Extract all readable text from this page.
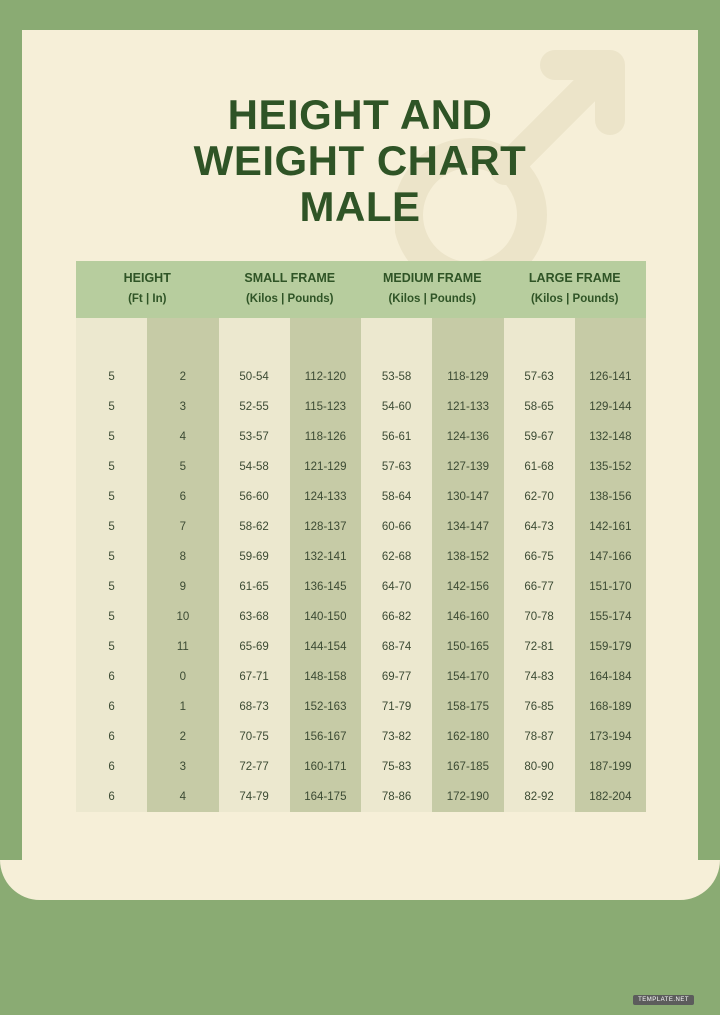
HEIGHT AND
WEIGHT CHART
MALE
HEIGHT		SMALL FRAME		MEDIUM FRAME		LARGE FRAME	
(Ft | In)		(Kilos | Pounds)		(Kilos | Pounds)		(Kilos | Pounds)	

5	2	50-54	112-120	53-58	118-129	57-63	126-141
5	3	52-55	115-123	54-60	121-133	58-65	129-144
5	4	53-57	118-126	56-61	124-136	59-67	132-148
5	5	54-58	121-129	57-63	127-139	61-68	135-152
5	6	56-60	124-133	58-64	130-147	62-70	138-156
5	7	58-62	128-137	60-66	134-147	64-73	142-161
5	8	59-69	132-141	62-68	138-152	66-75	147-166
5	9	61-65	136-145	64-70	142-156	66-77	151-170
5	10	63-68	140-150	66-82	146-160	70-78	155-174
5	11	65-69	144-154	68-74	150-165	72-81	159-179
6	0	67-71	148-158	69-77	154-170	74-83	164-184
6	1	68-73	152-163	71-79	158-175	76-85	168-189
6	2	70-75	156-167	73-82	162-180	78-87	173-194
6	3	72-77	160-171	75-83	167-185	80-90	187-199
6	4	74-79	164-175	78-86	172-190	82-92	182-204
TEMPLATE.NET
